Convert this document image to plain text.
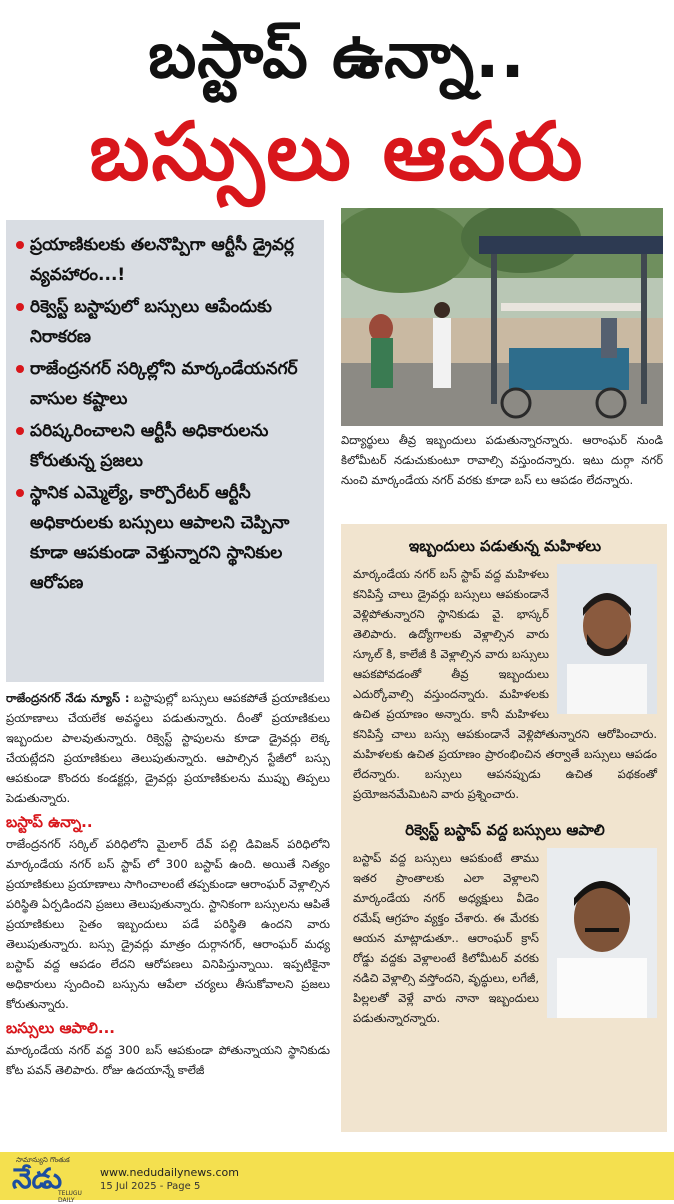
బస్టాప్ ఉన్నా..
బస్సులు ఆపరు
ప్రయాణికులకు తలనొప్పిగా ఆర్టీసీ డ్రైవర్ల వ్యవహారం...!
రిక్వెస్ట్ బస్టాపులో బస్సులు ఆపేందుకు నిరాకరణ
రాజేంద్రనగర్ సర్కిల్లోని మార్కండేయనగర్ వాసుల కష్టాలు
పరిష్కరించాలని ఆర్టీసీ అధికారులను కోరుతున్న ప్రజలు
స్థానిక ఎమ్మెల్యే, కార్పొరేటర్ ఆర్టీసీ అధికారులకు బస్సులు ఆపాలని చెప్పినా కూడా ఆపకుండా వెళ్తున్నారని స్థానికుల ఆరోపణ
విద్యార్థులు తీవ్ర ఇబ్బందులు పడుతున్నారన్నారు. ఆరాంఘర్ నుండి కిలోమీటర్ నడుచుకుంటూ రావాల్సి వస్తుందన్నారు. ఇటు దుర్గా నగర్ నుంచి మార్కండేయ నగర్ వరకు కూడా బస్ లు ఆపడం లేదన్నారు.

రాజేంద్రనగర్ నేడు న్యూస్ : బస్టాపుల్లో బస్సులు ఆపకపోతే ప్రయాణికులు ప్రయాణాలు చేయలేక అవస్థలు పడుతున్నారు. దీంతో ప్రయాణికులు ఇబ్బందుల పాలవుతున్నారు. రిక్వెస్ట్ స్టాపులను కూడా డ్రైవర్లు లెక్క చేయట్లేదని ప్రయాణికులు తెలుపుతున్నారు. ఆపాల్సిన స్టేజీలో బస్సు ఆపకుండా కొందరు కండక్టర్లు, డ్రైవర్లు ప్రయాణికులను ముప్పు తిప్పలు పెడుతున్నారు.

బస్టాప్ ఉన్నా..

రాజేంద్రనగర్ సర్కిల్ పరిధిలోని మైలార్ దేవ్ పల్లి డివిజన్ పరిధిలోని మార్కండేయ నగర్ బస్ స్టాప్ లో 300 బస్టాప్ ఉంది. అయితే నిత్యం ప్రయాణికులు ప్రయాణాలు సాగించాలంటే తప్పకుండా ఆరాంఘర్ వెళ్లాల్సిన పరిస్థితి ఏర్పడిందని ప్రజలు తెలుపుతున్నారు. స్టానికంగా బస్సులను ఆపితే ప్రయాణికులు సైతం ఇబ్బందులు పడే పరిస్థితి ఉందని వారు తెలుపుతున్నారు. బస్సు డ్రైవర్లు మాత్రం దుర్గానగర్, ఆరాంఘర్ మధ్య బస్టాప్ వద్ద ఆపడం లేదని ఆరోపణలు వినిపిస్తున్నాయి. ఇప్పటికైనా అధికారులు స్పందించి బస్సును ఆపేలా చర్యలు తీసుకోవాలని ప్రజలు కోరుతున్నారు.

బస్సులు ఆపాలి...

మార్కండేయ నగర్ వద్ద 300 బస్ ఆపకుండా పోతున్నాయని స్థానికుడు కోట పవన్ తెలిపారు. రోజు ఉదయాన్నే కాలేజీ

ఇబ్బందులు పడుతున్న మహిళలు

మార్కండేయ నగర్ బస్ స్టాప్ వద్ద మహిళలు కనిపిస్తే చాలు డ్రైవర్లు బస్సులు ఆపకుండానే వెళ్లిపోతున్నారని స్థానికుడు వై. భాస్కర్ తెలిపారు. ఉద్యోగాలకు వెళ్లాల్సిన వారు స్కూల్ కి, కాలేజీ కి వెళ్లాల్సిన వారు బస్సులు ఆపకపోవడంతో తీవ్ర ఇబ్బందులు ఎదుర్కోవాల్సి వస్తుందన్నారు. మహిళలకు ఉచిత ప్రయాణం అన్నారు. కానీ మహిళలు కనిపిస్తే చాలు బస్సు ఆపకుండానే వెళ్లిపోతున్నారని ఆరోపించారు. మహిళలకు ఉచిత ప్రయాణం ప్రారంభించిన తర్వాతే బస్సులు ఆపడం లేదన్నారు. బస్సులు ఆపనప్పుడు ఉచిత పథకంతో ప్రయోజనమేమిటని వారు ప్రశ్నించారు.

రిక్వెస్ట్ బస్టాప్ వద్ద బస్సులు ఆపాలి

బస్టాప్ వద్ద బస్సులు ఆపకుంటే తాము ఇతర ప్రాంతాలకు ఎలా వెళ్లాలని మార్కండేయ నగర్ అధ్యక్షులు వీడెం రమేష్ ఆగ్రహం వ్యక్తం చేశారు. ఈ మేరకు ఆయన మాట్లాడుతూ.. ఆరాంఘర్ క్రాస్ రోడ్డు వద్దకు వెళ్లాలంటే కిలోమీటర్ వరకు నడిచి వెళ్లాల్సి వస్తోందని, వృద్ధులు, లగేజీ, పిల్లలతో వెళ్లే వారు నానా ఇబ్బందులు పడుతున్నారన్నారు.

సామాన్యుని గొంతుక
నేడు
TELUGU DAILY
www.nedudailynews.com
15 Jul 2025 - Page 5
